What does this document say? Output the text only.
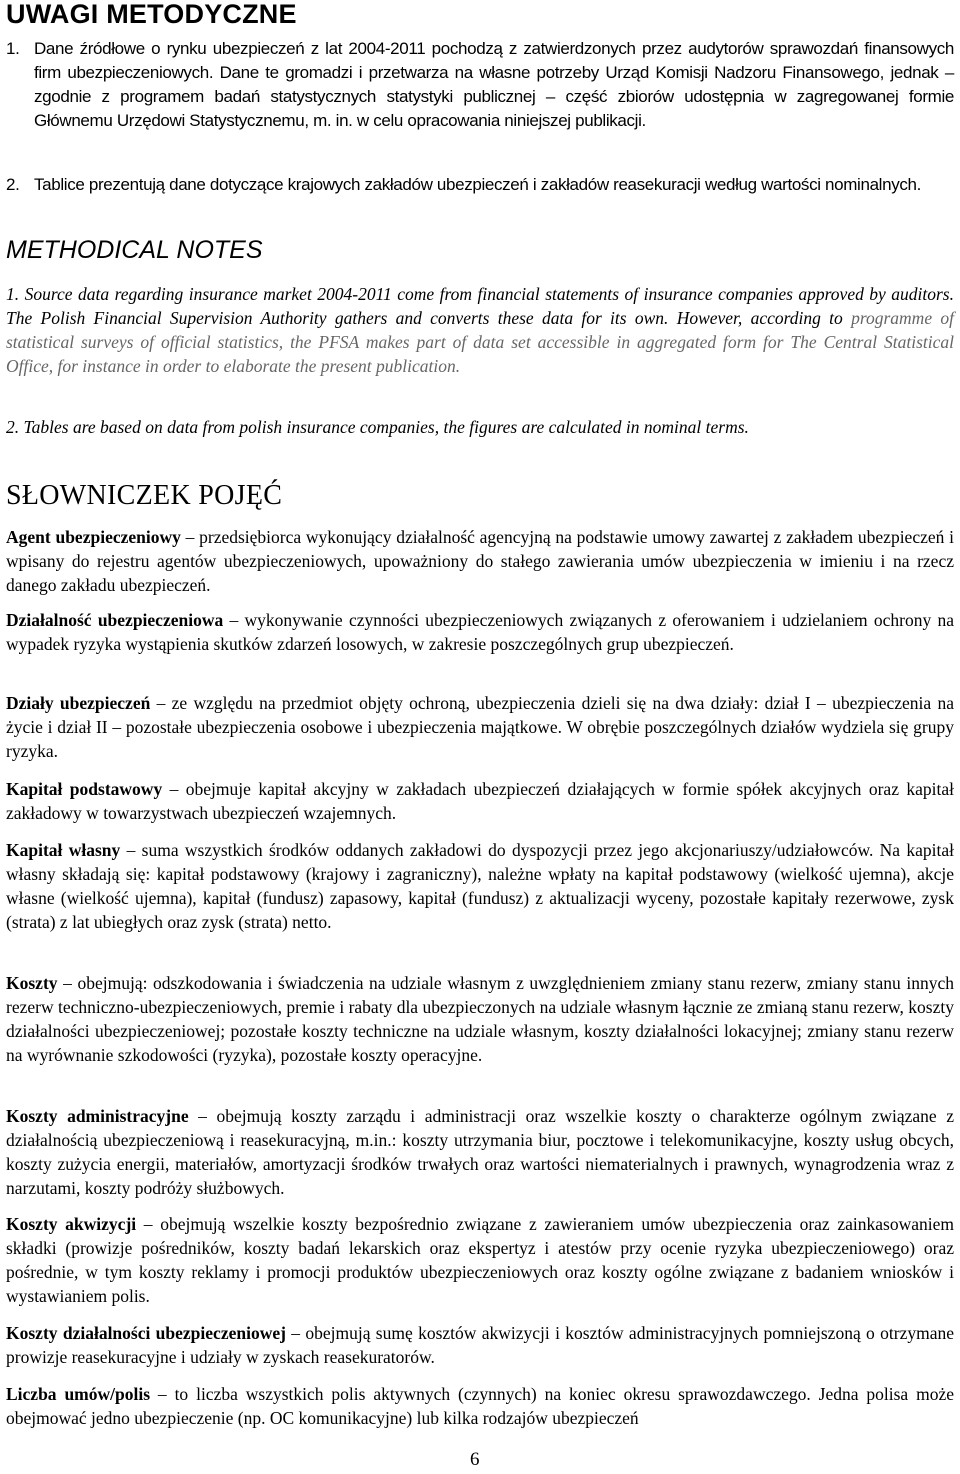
UWAGI METODYCZNE
1. Dane źródłowe o rynku ubezpieczeń z lat 2004-2011 pochodzą z zatwierdzonych przez audytorów sprawozdań finansowych firm ubezpieczeniowych. Dane te gromadzi i przetwarza na własne potrzeby Urząd Komisji Nadzoru Finansowego, jednak – zgodnie z programem badań statystycznych statystyki publicznej – część zbiorów udostępnia w zagregowanej formie Głównemu Urzędowi Statystycznemu, m. in. w celu opracowania niniejszej publikacji.
2. Tablice prezentują dane dotyczące krajowych zakładów ubezpieczeń i zakładów reasekuracji według wartości nominalnych.
METHODICAL NOTES
1. Source data regarding insurance market 2004-2011 come from financial statements of insurance companies approved by auditors. The Polish Financial Supervision Authority gathers and converts these data for its own. However, according to programme of statistical surveys of official statistics, the PFSA makes part of data set accessible in aggregated form for The Central Statistical Office, for instance in order to elaborate the present publication.
2. Tables are based on data from polish insurance companies, the figures are calculated in nominal terms.
SŁOWNICZEK POJĘĆ
Agent ubezpieczeniowy – przedsiębiorca wykonujący działalność agencyjną na podstawie umowy zawartej z zakładem ubezpieczeń i wpisany do rejestru agentów ubezpieczeniowych, upoważniony do stałego zawierania umów ubezpieczenia w imieniu i na rzecz danego zakładu ubezpieczeń.
Działalność ubezpieczeniowa – wykonywanie czynności ubezpieczeniowych związanych z oferowaniem i udzielaniem ochrony na wypadek ryzyka wystąpienia skutków zdarzeń losowych, w zakresie poszczególnych grup ubezpieczeń.
Działy ubezpieczeń – ze względu na przedmiot objęty ochroną, ubezpieczenia dzieli się na dwa działy: dział I – ubezpieczenia na życie i dział II – pozostałe ubezpieczenia osobowe i ubezpieczenia majątkowe. W obrębie poszczególnych działów wydziela się grupy ryzyka.
Kapitał podstawowy – obejmuje kapitał akcyjny w zakładach ubezpieczeń działających w formie spółek akcyjnych oraz kapitał zakładowy w towarzystwach ubezpieczeń wzajemnych.
Kapitał własny – suma wszystkich środków oddanych zakładowi do dyspozycji przez jego akcjonariuszy/udziałowców. Na kapitał własny składają się: kapitał podstawowy (krajowy i zagraniczny), należne wpłaty na kapitał podstawowy (wielkość ujemna), akcje własne (wielkość ujemna), kapitał (fundusz) zapasowy, kapitał (fundusz) z aktualizacji wyceny, pozostałe kapitały rezerwowe, zysk (strata) z lat ubiegłych oraz zysk (strata) netto.
Koszty – obejmują: odszkodowania i świadczenia na udziale własnym z uwzględnieniem zmiany stanu rezerw, zmiany stanu innych rezerw techniczno-ubezpieczeniowych, premie i rabaty dla ubezpieczonych na udziale własnym łącznie ze zmianą stanu rezerw, koszty działalności ubezpieczeniowej; pozostałe koszty techniczne na udziale własnym, koszty działalności lokacyjnej; zmiany stanu rezerw na wyrównanie szkodowości (ryzyka), pozostałe koszty operacyjne.
Koszty administracyjne – obejmują koszty zarządu i administracji oraz wszelkie koszty o charakterze ogólnym związane z działalnością ubezpieczeniową i reasekuracyjną, m.in.: koszty utrzymania biur, pocztowe i telekomunikacyjne, koszty usług obcych, koszty zużycia energii, materiałów, amortyzacji środków trwałych oraz wartości niematerialnych i prawnych, wynagrodzenia wraz z narzutami, koszty podróży służbowych.
Koszty akwizycji – obejmują wszelkie koszty bezpośrednio związane z zawieraniem umów ubezpieczenia oraz zainkasowaniem składki (prowizje pośredników, koszty badań lekarskich oraz ekspertyz i atestów przy ocenie ryzyka ubezpieczeniowego) oraz pośrednie, w tym koszty reklamy i promocji produktów ubezpieczeniowych oraz koszty ogólne związane z badaniem wniosków i wystawianiem polis.
Koszty działalności ubezpieczeniowej – obejmują sumę kosztów akwizycji i kosztów administracyjnych pomniejszoną o otrzymane prowizje reasekuracyjne i udziały w zyskach reasekuratorów.
Liczba umów/polis – to liczba wszystkich polis aktywnych (czynnych) na koniec okresu sprawozdawczego. Jedna polisa może obejmować jedno ubezpieczenie (np. OC komunikacyjne) lub kilka rodzajów ubezpieczeń
6
